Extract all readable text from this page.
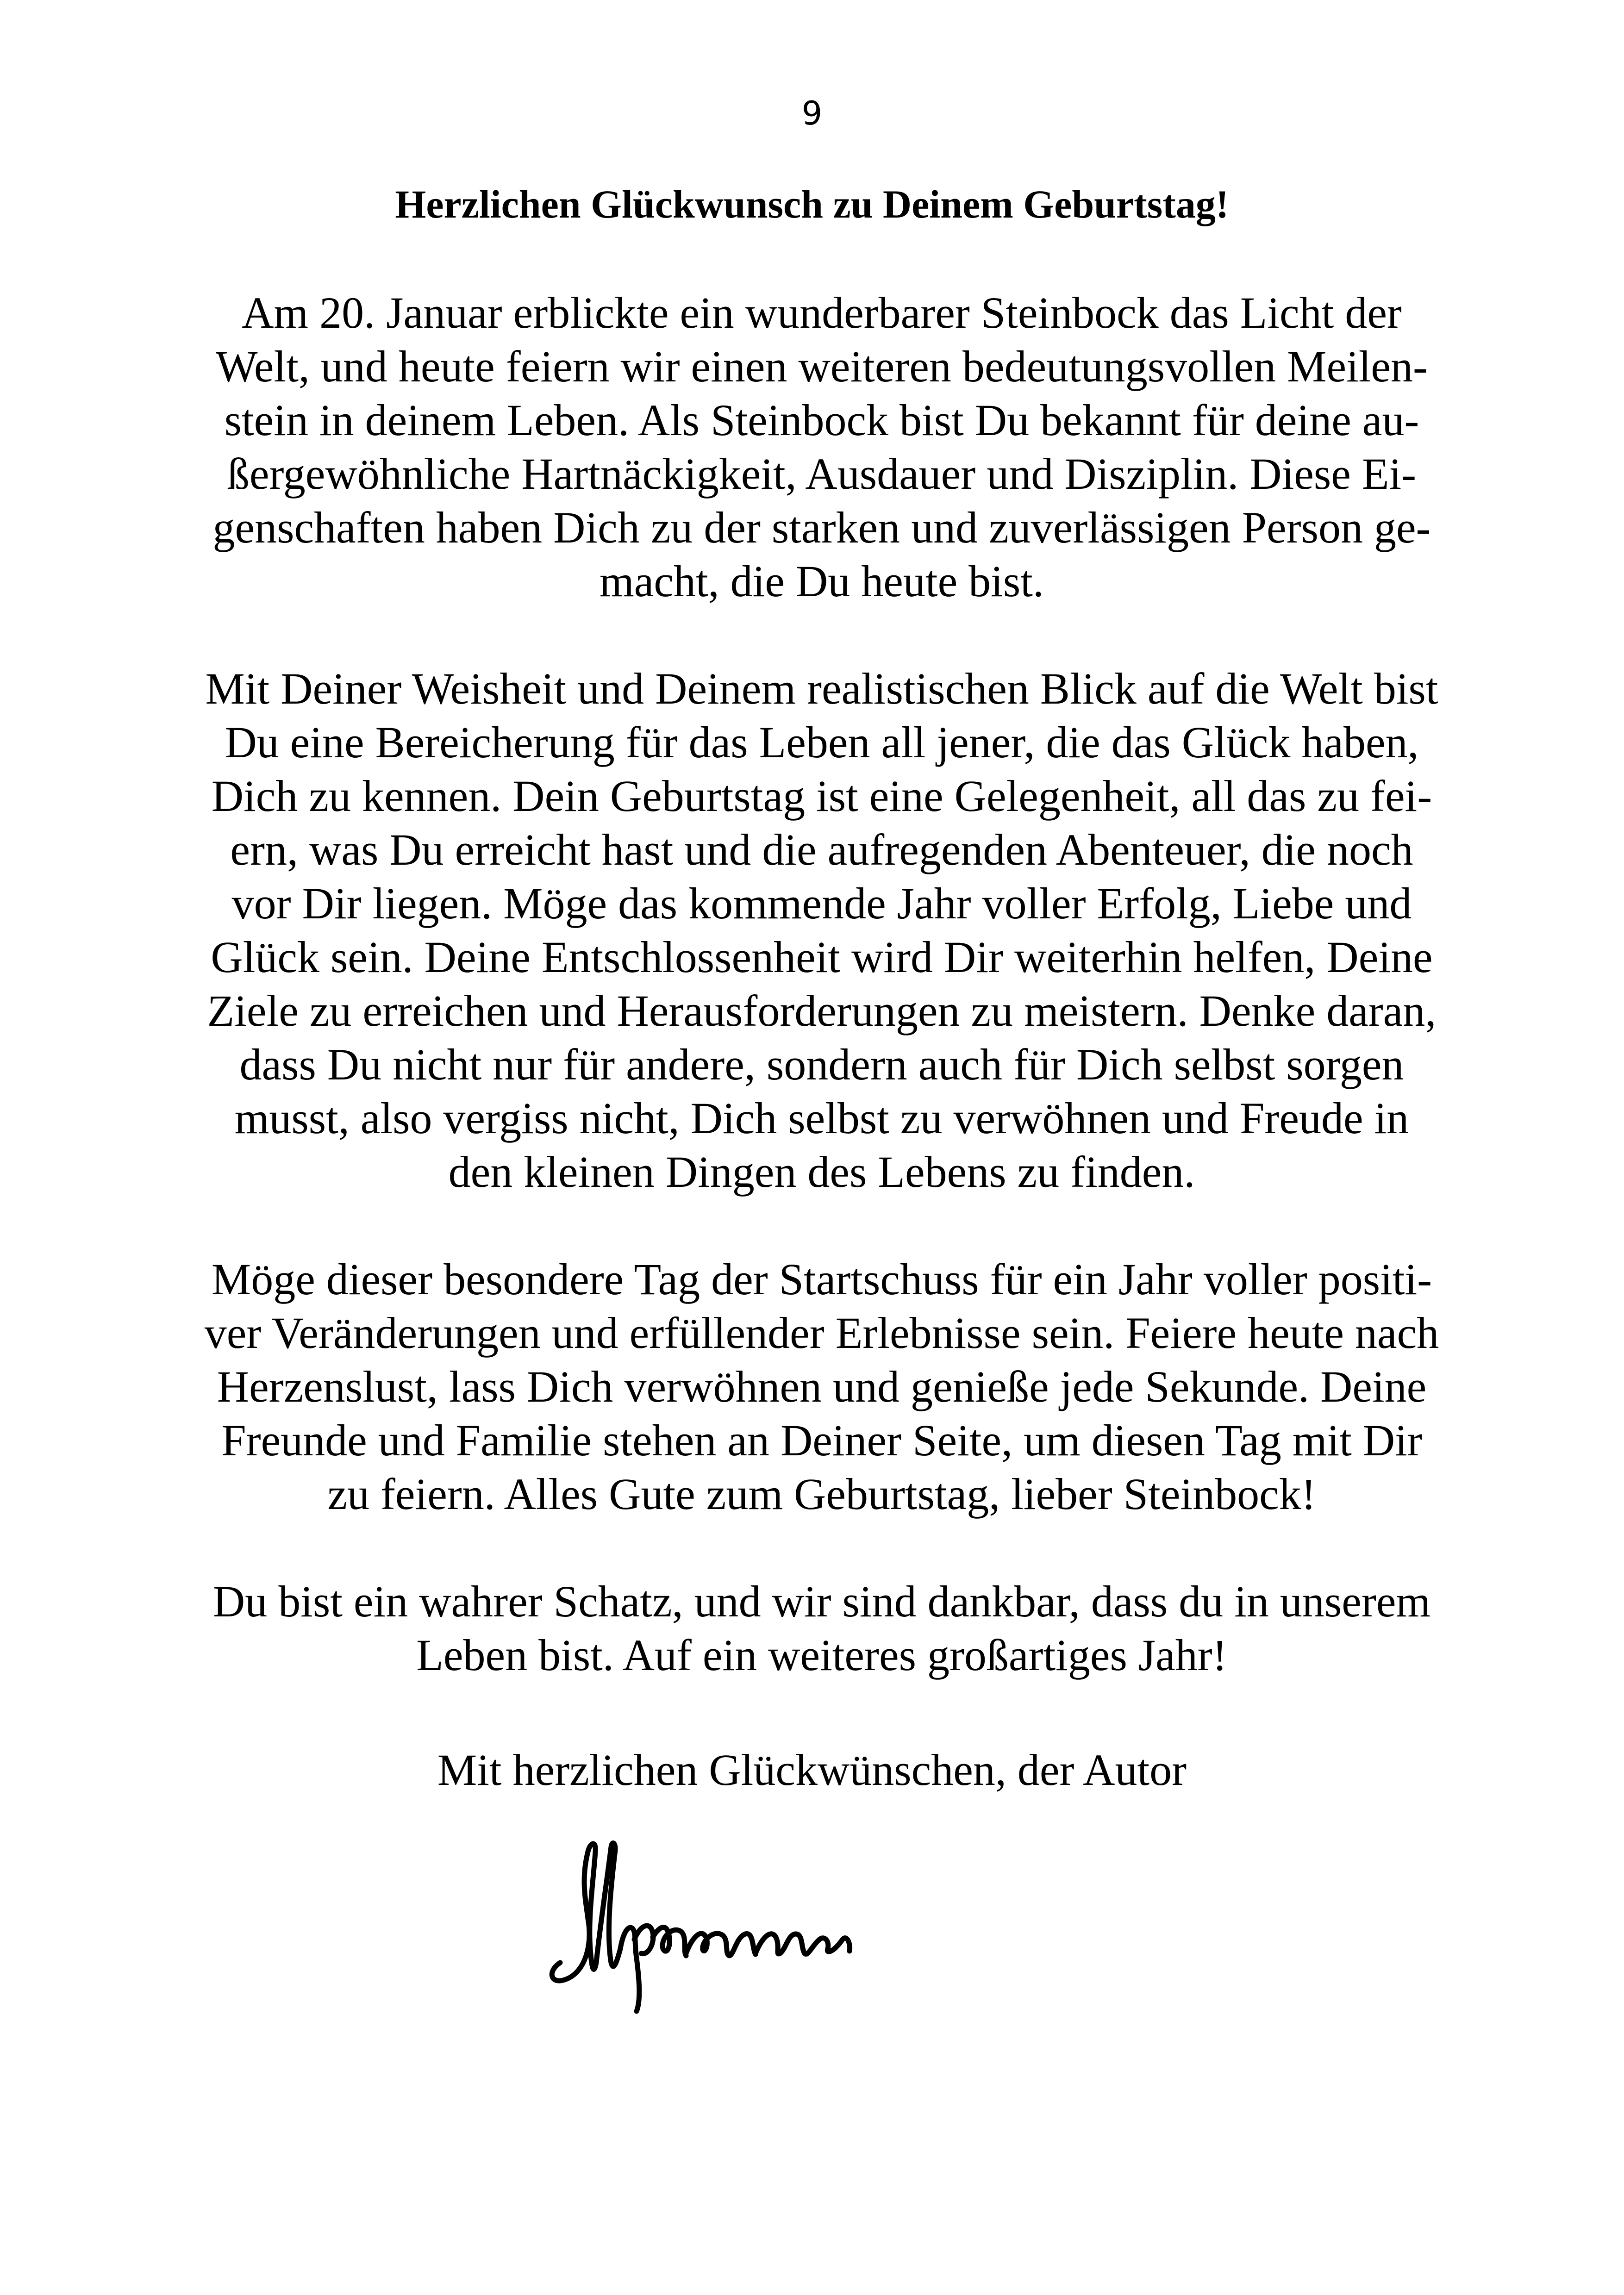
9

Herzlichen Glückwunsch zu Deinem Geburtstag!

Am 20. Januar erblickte ein wunderbarer Steinbock das Licht der
Welt, und heute feiern wir einen weiteren bedeutungsvollen Meilen-
stein in deinem Leben. Als Steinbock bist Du bekannt für deine au-
ßergewöhnliche Hartnäckigkeit, Ausdauer und Disziplin. Diese Ei-
genschaften haben Dich zu der starken und zuverlässigen Person ge-
macht, die Du heute bist.

Mit Deiner Weisheit und Deinem realistischen Blick auf die Welt bist
Du eine Bereicherung für das Leben all jener, die das Glück haben,
Dich zu kennen. Dein Geburtstag ist eine Gelegenheit, all das zu fei-
ern, was Du erreicht hast und die aufregenden Abenteuer, die noch
vor Dir liegen. Möge das kommende Jahr voller Erfolg, Liebe und
Glück sein. Deine Entschlossenheit wird Dir weiterhin helfen, Deine
Ziele zu erreichen und Herausforderungen zu meistern. Denke daran,
dass Du nicht nur für andere, sondern auch für Dich selbst sorgen
musst, also vergiss nicht, Dich selbst zu verwöhnen und Freude in
den kleinen Dingen des Lebens zu finden.

Möge dieser besondere Tag der Startschuss für ein Jahr voller positi-
ver Veränderungen und erfüllender Erlebnisse sein. Feiere heute nach
Herzenslust, lass Dich verwöhnen und genieße jede Sekunde. Deine
Freunde und Familie stehen an Deiner Seite, um diesen Tag mit Dir
zu feiern. Alles Gute zum Geburtstag, lieber Steinbock!

Du bist ein wahrer Schatz, und wir sind dankbar, dass du in unserem
Leben bist. Auf ein weiteres großartiges Jahr!

Mit herzlichen Glückwünschen, der Autor
